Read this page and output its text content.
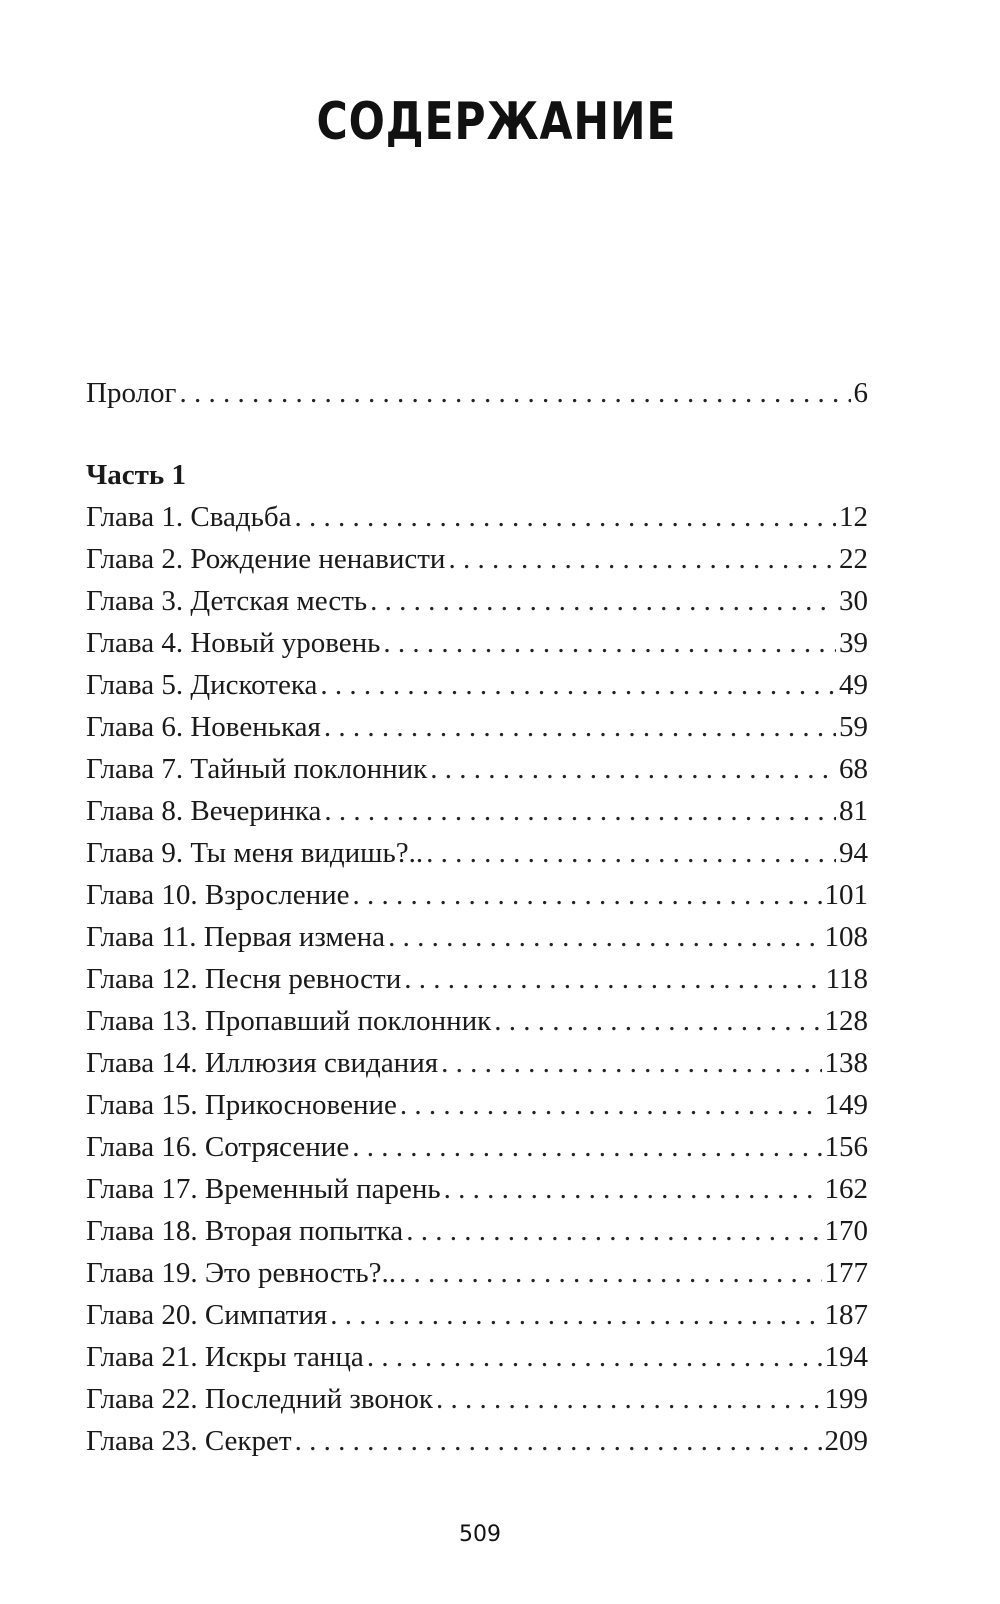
СОДЕРЖАНИЕ
Пролог . . .	6
Часть 1
Глава 1. Свадьба . . .	12
Глава 2. Рождение ненависти . . .	22
Глава 3. Детская месть . . .	30
Глава 4. Новый уровень . . .	39
Глава 5. Дискотека . . .	49
Глава 6. Новенькая . . .	59
Глава 7. Тайный поклонник . . .	68
Глава 8. Вечеринка . . .	81
Глава 9. Ты меня видишь?.. . . .	94
Глава 10. Взросление . . .	101
Глава 11. Первая измена . . .	108
Глава 12. Песня ревности . . .	118
Глава 13. Пропавший поклонник . . .	128
Глава 14. Иллюзия свидания . . .	138
Глава 15. Прикосновение . . .	149
Глава 16. Сотрясение . . .	156
Глава 17. Временный парень . . .	162
Глава 18. Вторая попытка . . .	170
Глава 19. Это ревность?.. . . .	177
Глава 20. Симпатия . . .	187
Глава 21. Искры танца . . .	194
Глава 22. Последний звонок . . .	199
Глава 23. Секрет . . .	209
509
